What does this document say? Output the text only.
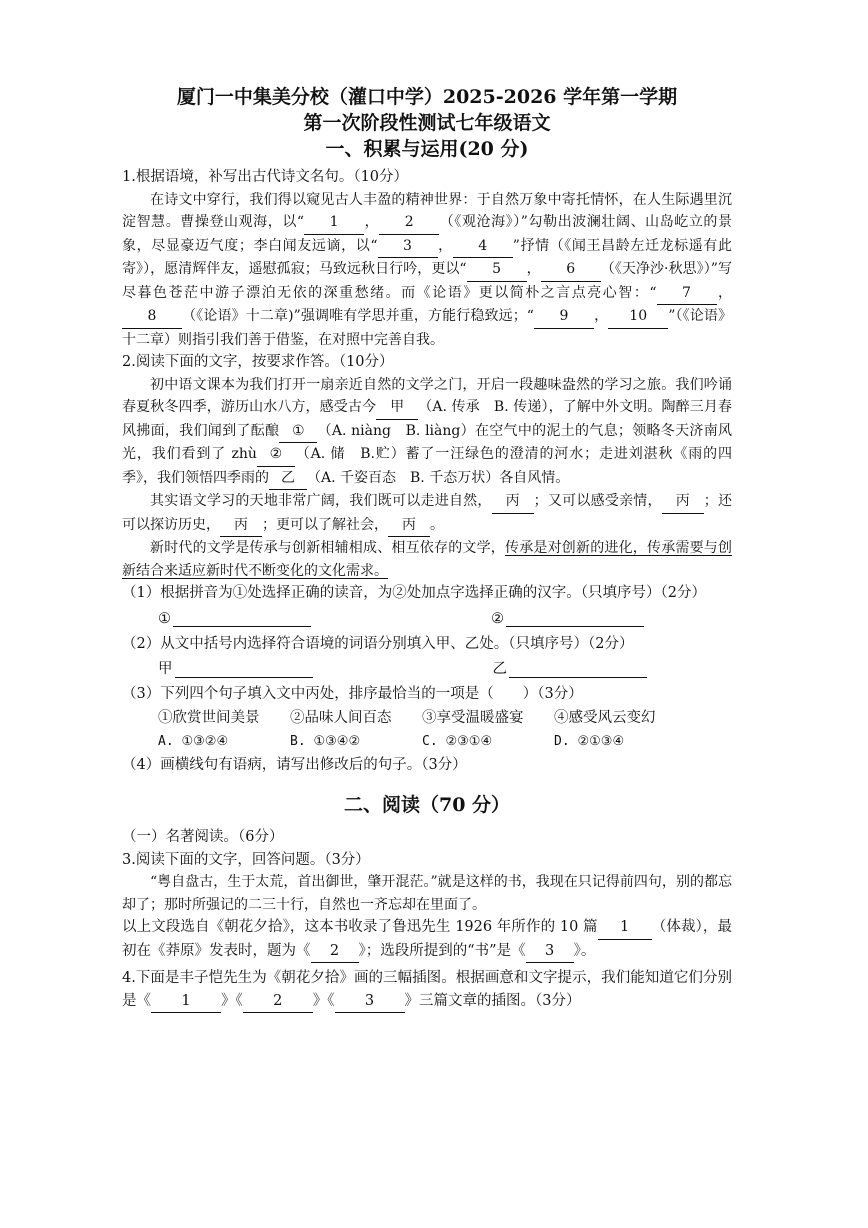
厦门一中集美分校（灌口中学）2025-2026 学年第一学期
第一次阶段性测试七年级语文
一、积累与运用(20 分)

1.根据语境，补写出古代诗文名句。（10分）

在诗文中穿行，我们得以窥见古人丰盈的精神世界：于自然万象中寄托情怀，在人生际遇里沉淀智慧。曹操登山观海，以“ 1 ， 2 （《观沧海》）”勾勒出波澜壮阔、山岛屹立的景象，尽显豪迈气度；李白闻友远谪，以“ 3 ， 4 ”抒情（《闻王昌龄左迁龙标遥有此寄》），愿清辉伴友，遥慰孤寂；马致远秋日行吟，更以“ 5 ， 6 （《天净沙·秋思》）”写尽暮色苍茫中游子漂泊无依的深重愁绪。而《论语》更以简朴之言点亮心智：“ 7 ，8 （《论语》十二章)”强调唯有学思并重，方能行稳致远；“ 9 ， 10 ”（《论语》十二章）则指引我们善于借鉴，在对照中完善自我。

2.阅读下面的文字，按要求作答。（10分）

初中语文课本为我们打开一扇亲近自然的文学之门，开启一段趣味盎然的学习之旅。我们吟诵春夏秋冬四季，游历山水八方，感受古今 甲 （A. 传承　B. 传递），了解中外文明。陶醉三月春风拂面，我们闻到了酝酿 ① （A. niàng　B. liàng）在空气中的泥土的气息；领略冬天济南风光，我们看到了 zhù ② （A. 储　B.贮）蓄了一汪绿色的澄清的河水；走进刘湛秋《雨的四季》，我们领悟四季雨的 乙 （A. 千姿百态　B. 千态万状）各自风情。

其实语文学习的天地非常广阔，我们既可以走进自然， 丙 ；又可以感受亲情， 丙 ；还可以探访历史， 丙 ；更可以了解社会， 丙 。

新时代的文学是传承与创新相辅相成、相互依存的文学，传承是对创新的进化，传承需要与创新结合来适应新时代不断变化的文化需求。

（1）根据拼音为①处选择正确的读音，为②处加点字选择正确的汉字。（只填序号）（2分）

①	②

（2）从文中括号内选择符合语境的词语分别填入甲、乙处。（只填序号）（2分）

甲	乙

（3）下列四个句子填入文中丙处，排序最恰当的一项是（　　）（3分）

①欣赏世间美景	②品味人间百态	③享受温暖盛宴	④感受风云变幻
A. ①③②④	B. ①③④②	C. ②③①④	D. ②①③④

（4）画横线句有语病，请写出修改后的句子。（3分）

二、阅读（70 分）

（一）名著阅读。（6分）

3.阅读下面的文字，回答问题。（3分）

“粤自盘古，生于太荒，首出御世，肇开混茫。”就是这样的书，我现在只记得前四句，别的都忘却了；那时所强记的二三十行，自然也一齐忘却在里面了。

以上文段选自《朝花夕拾》，这本书收录了鲁迅先生 1926 年所作的 10 篇 1 （体裁），最初在《莽原》发表时，题为《 2 》；选段所提到的“书”是《 3 》。

4.下面是丰子恺先生为《朝花夕拾》画的三幅插图。根据画意和文字提示，我们能知道它们分别是《 1 》《 2 》《 3 》三篇文章的插图。（3分）
